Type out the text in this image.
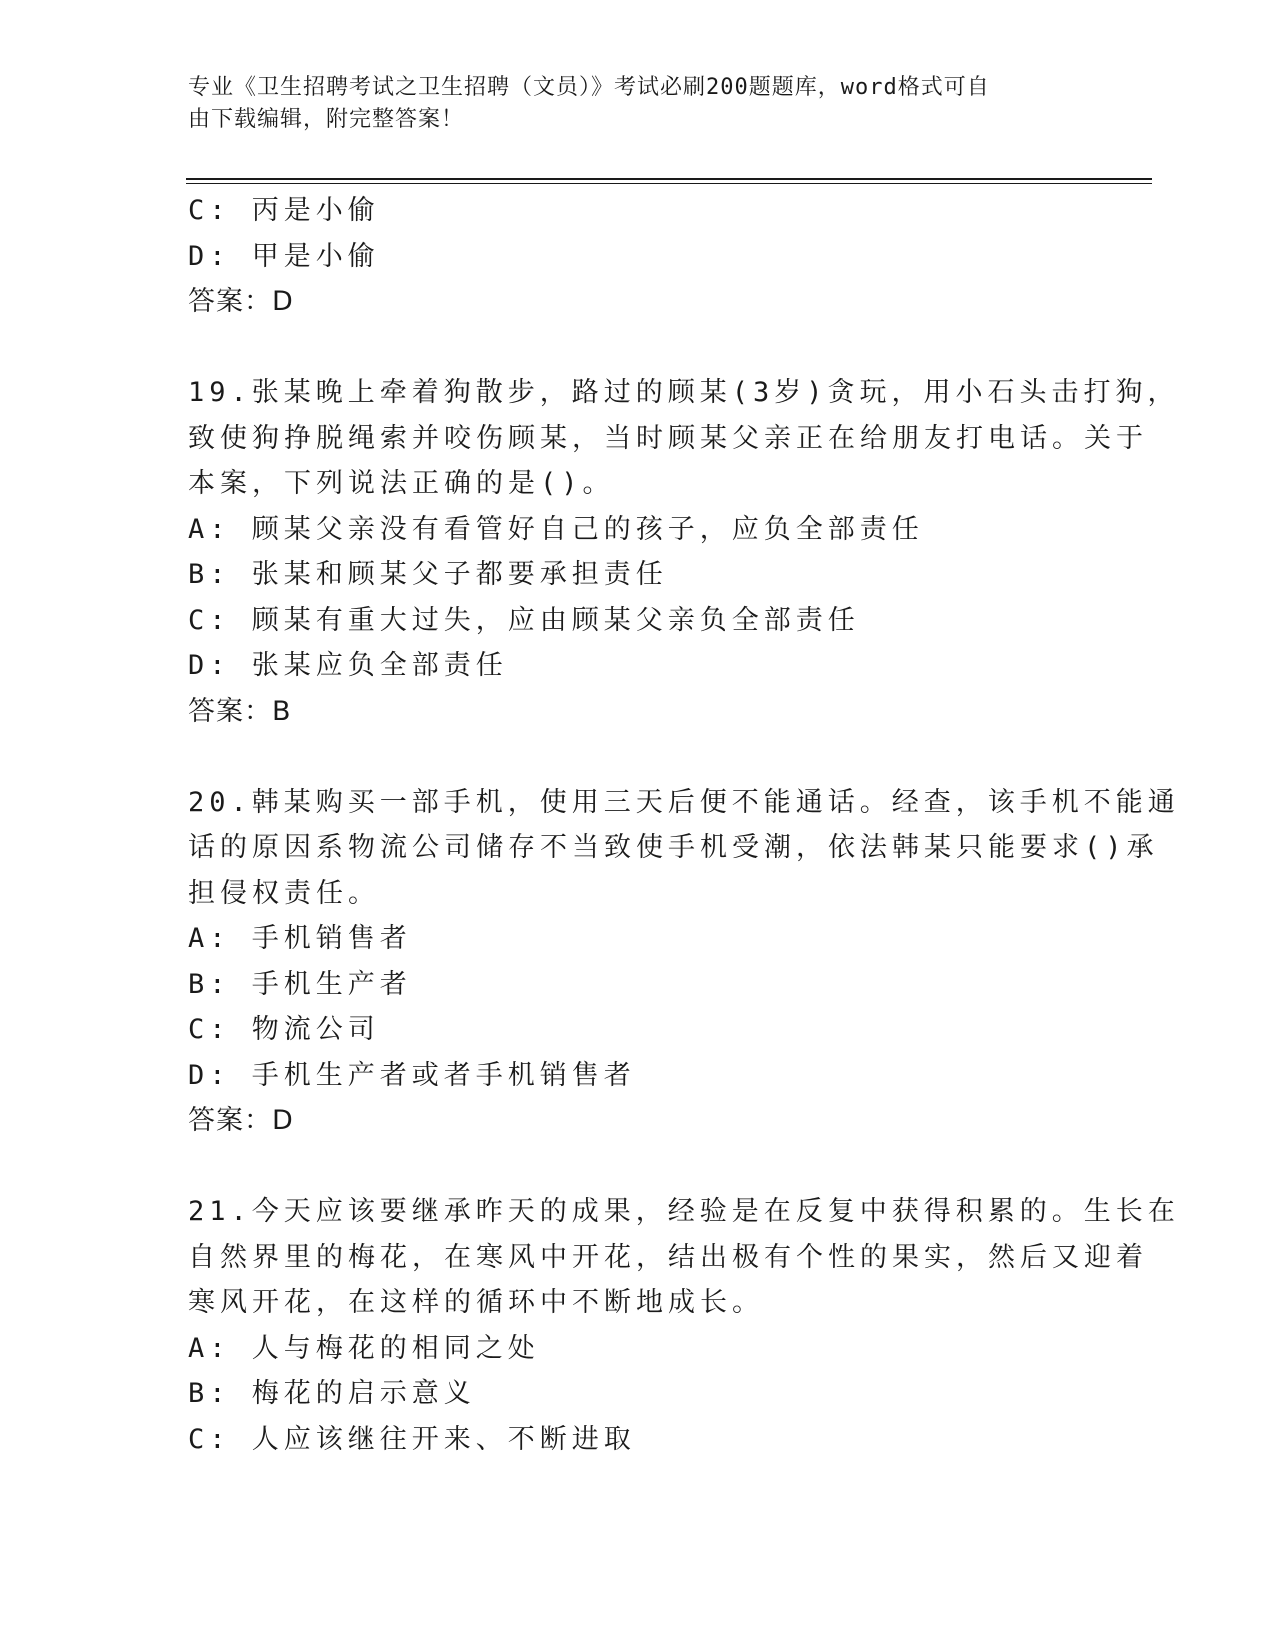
专业《卫生招聘考试之卫生招聘（文员）》考试必刷200题题库，word格式可自
由下载编辑，附完整答案！
C: 丙是小偷
D: 甲是小偷
答案：D
19.张某晚上牵着狗散步，路过的顾某(3岁)贪玩，用小石头击打狗，
致使狗挣脱绳索并咬伤顾某，当时顾某父亲正在给朋友打电话。关于
本案，下列说法正确的是()。
A: 顾某父亲没有看管好自己的孩子，应负全部责任
B: 张某和顾某父子都要承担责任
C: 顾某有重大过失，应由顾某父亲负全部责任
D: 张某应负全部责任
答案：B
20.韩某购买一部手机，使用三天后便不能通话。经查，该手机不能通
话的原因系物流公司储存不当致使手机受潮，依法韩某只能要求()承
担侵权责任。
A: 手机销售者
B: 手机生产者
C: 物流公司
D: 手机生产者或者手机销售者
答案：D
21.今天应该要继承昨天的成果，经验是在反复中获得积累的。生长在
自然界里的梅花，在寒风中开花，结出极有个性的果实，然后又迎着
寒风开花，在这样的循环中不断地成长。
A: 人与梅花的相同之处
B: 梅花的启示意义
C: 人应该继往开来、不断进取
